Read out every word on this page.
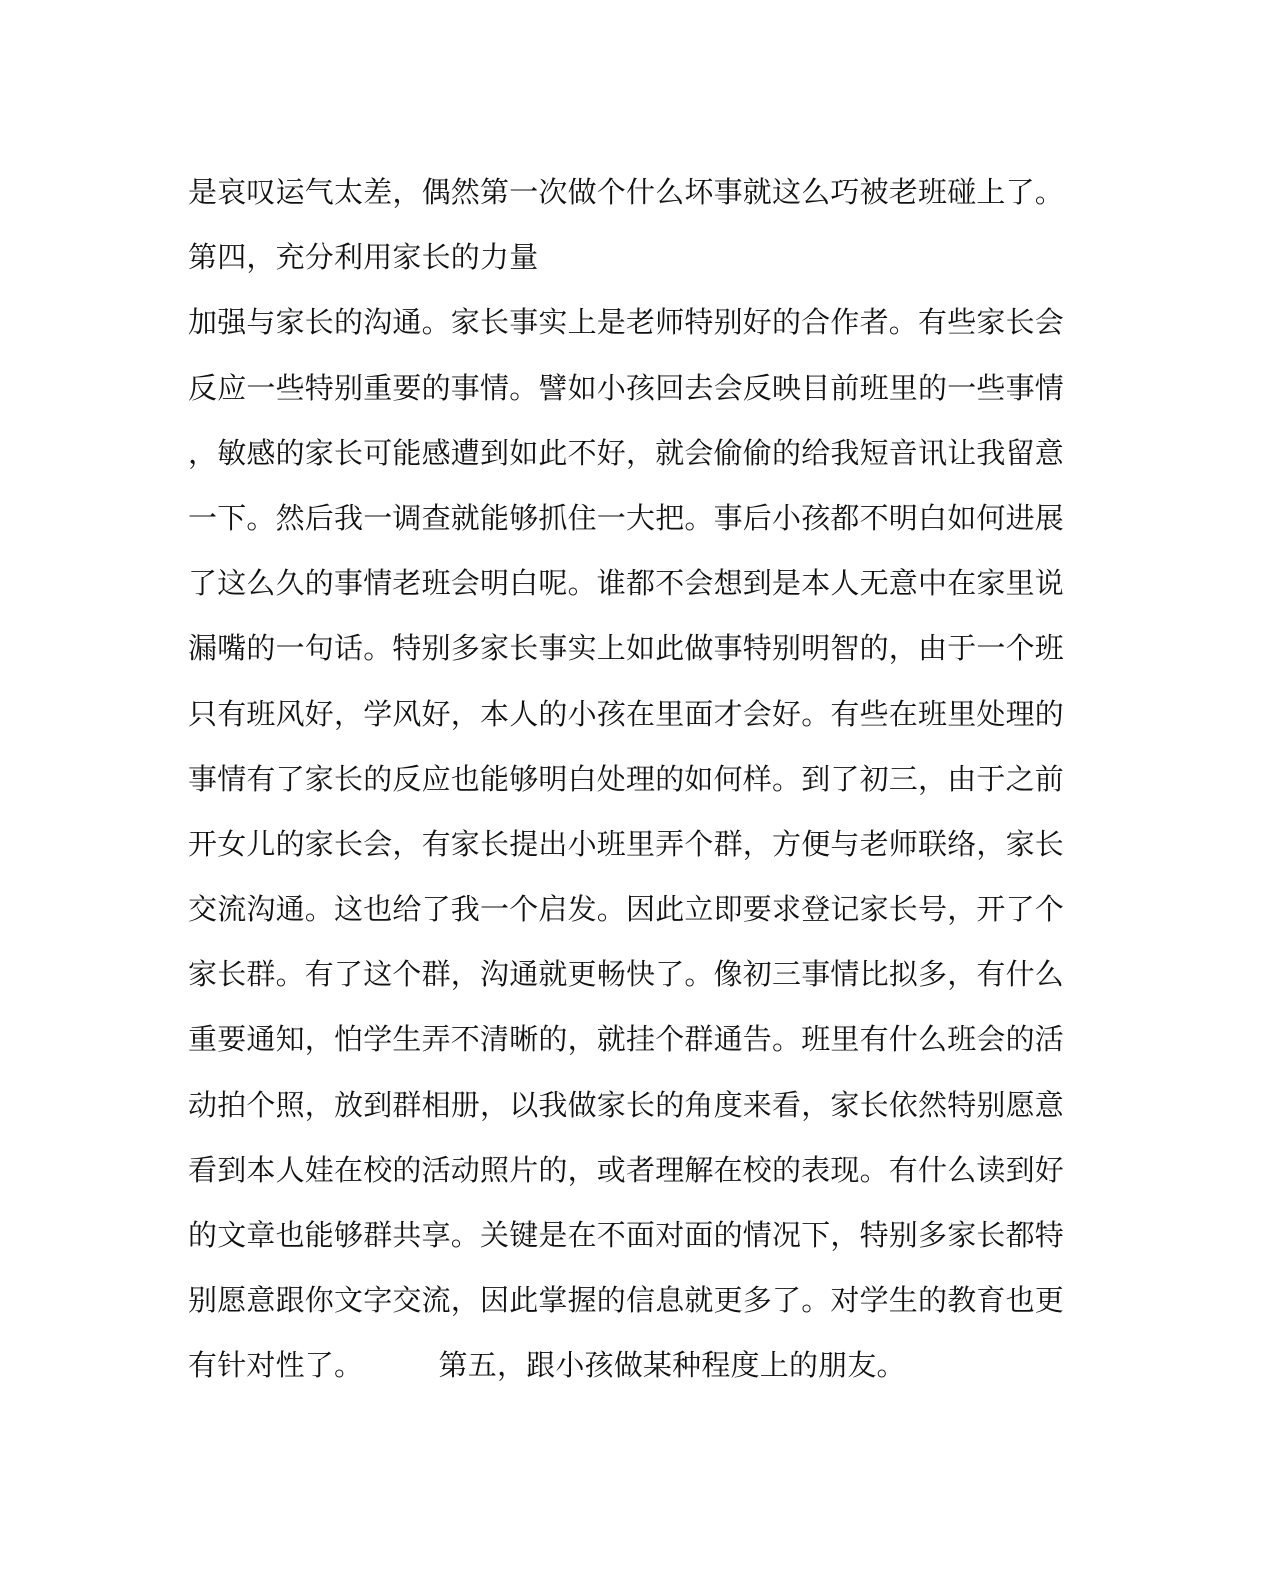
是哀叹运气太差，偶然第一次做个什么坏事就这么巧被老班碰上了。
第四，充分利用家长的力量
加强与家长的沟通。家长事实上是老师特别好的合作者。有些家长会
反应一些特别重要的事情。譬如小孩回去会反映目前班里的一些事情
，敏感的家长可能感遭到如此不好，就会偷偷的给我短音讯让我留意
一下。然后我一调查就能够抓住一大把。事后小孩都不明白如何进展
了这么久的事情老班会明白呢。谁都不会想到是本人无意中在家里说
漏嘴的一句话。特别多家长事实上如此做事特别明智的，由于一个班
只有班风好，学风好，本人的小孩在里面才会好。有些在班里处理的
事情有了家长的反应也能够明白处理的如何样。到了初三，由于之前
开女儿的家长会，有家长提出小班里弄个群，方便与老师联络，家长
交流沟通。这也给了我一个启发。因此立即要求登记家长号，开了个
家长群。有了这个群，沟通就更畅快了。像初三事情比拟多，有什么
重要通知，怕学生弄不清晰的，就挂个群通告。班里有什么班会的活
动拍个照，放到群相册，以我做家长的角度来看，家长依然特别愿意
看到本人娃在校的活动照片的，或者理解在校的表现。有什么读到好
的文章也能够群共享。关键是在不面对面的情况下，特别多家长都特
别愿意跟你文字交流，因此掌握的信息就更多了。对学生的教育也更
有针对性了。        第五，跟小孩做某种程度上的朋友。
